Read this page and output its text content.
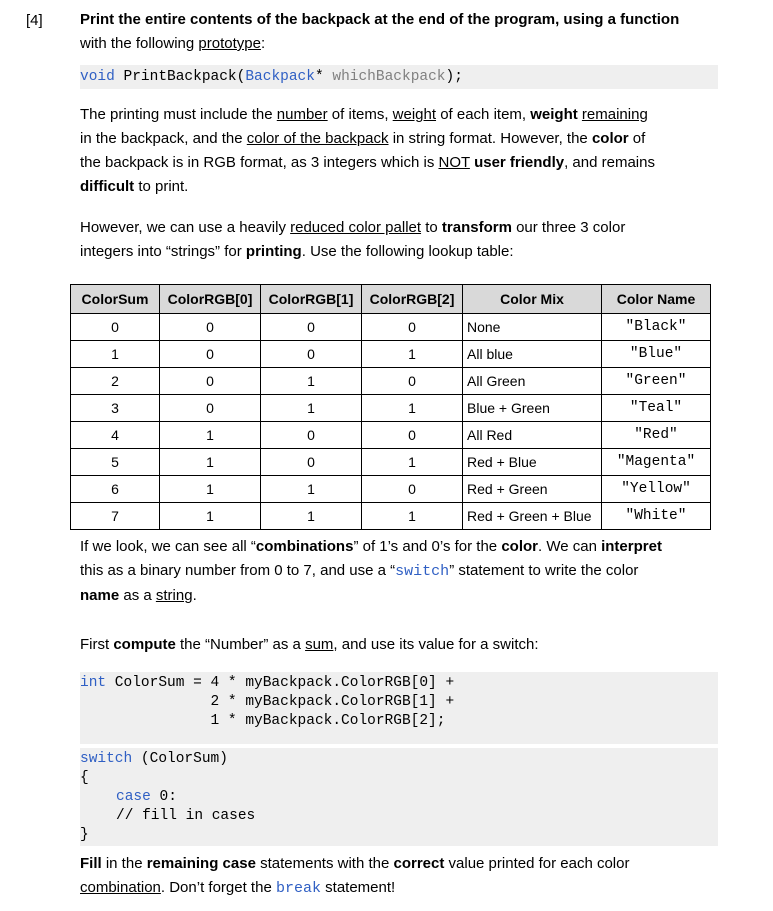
[4] Print the entire contents of the backpack at the end of the program, using a function
with the following prototype:
void PrintBackpack(Backpack* whichBackpack);
The printing must include the number of items, weight of each item, weight remaining
in the backpack, and the color of the backpack in string format. However, the color of
the backpack is in RGB format, as 3 integers which is NOT user friendly, and remains
difficult to print.
However, we can use a heavily reduced color pallet to transform our three 3 color
integers into “strings” for printing. Use the following lookup table:
ColorSum	ColorRGB[0]	ColorRGB[1]	ColorRGB[2]	Color Mix	Color Name
0	0	0	0	None	"Black"
1	0	0	1	All blue	"Blue"
2	0	1	0	All Green	"Green"
3	0	1	1	Blue + Green	"Teal"
4	1	0	0	All Red	"Red"
5	1	0	1	Red + Blue	"Magenta"
6	1	1	0	Red + Green	"Yellow"
7	1	1	1	Red + Green + Blue	"White"
If we look, we can see all “combinations” of 1’s and 0’s for the color. We can interpret
this as a binary number from 0 to 7, and use a “switch” statement to write the color
name as a string.
First compute the “Number” as a sum, and use its value for a switch:
int ColorSum = 4 * myBackpack.ColorRGB[0] +
2 * myBackpack.ColorRGB[1] +
1 * myBackpack.ColorRGB[2];
switch (ColorSum)
{
case 0:
// fill in cases
}
Fill in the remaining case statements with the correct value printed for each color
combination. Don’t forget the break statement!
